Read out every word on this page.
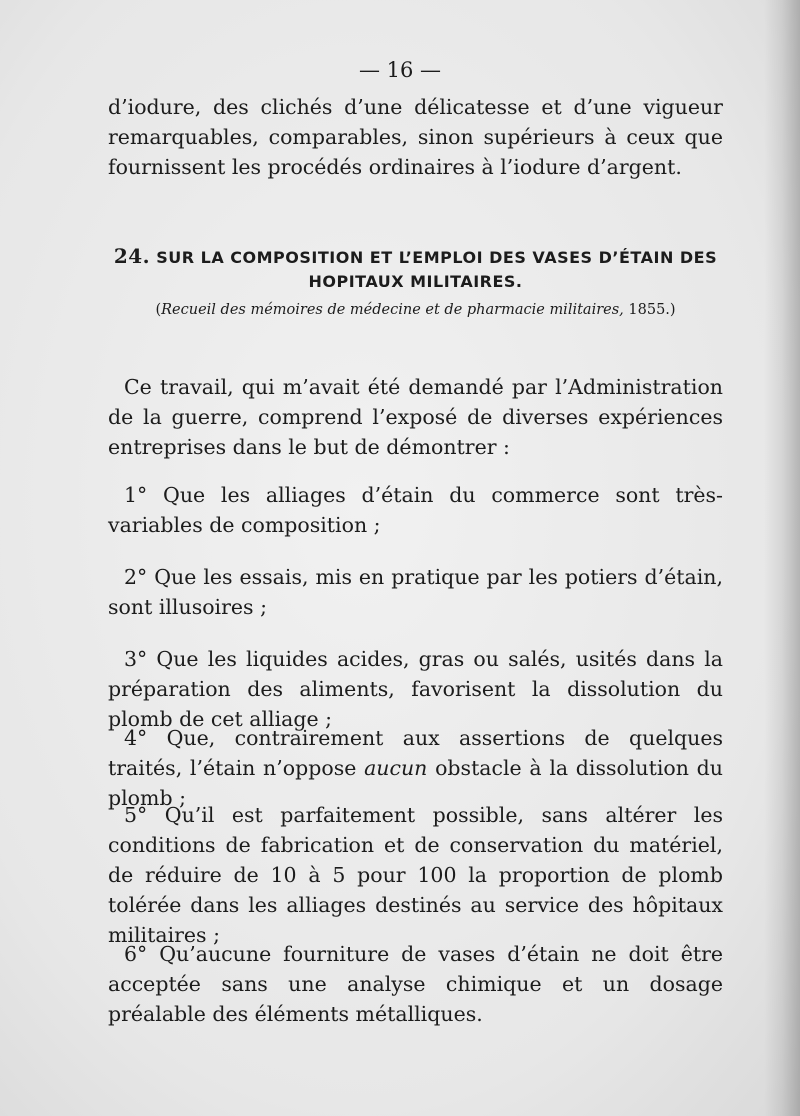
— 16 —

d’iodure, des clichés d’une délicatesse et d’une vigueur remarquables, comparables, sinon supérieurs à ceux que fournissent les procédés ordinaires à l’iodure d’argent.

24. SUR LA COMPOSITION ET L’EMPLOI DES VASES D’ÉTAIN DES HOPITAUX MILITAIRES.
(Recueil des mémoires de médecine et de pharmacie militaires, 1855.)

Ce travail, qui m’avait été demandé par l’Administration de la guerre, comprend l’exposé de diverses expériences entreprises dans le but de démontrer :

1° Que les alliages d’étain du commerce sont très-variables de composition ;

2° Que les essais, mis en pratique par les potiers d’étain, sont illusoires ;

3° Que les liquides acides, gras ou salés, usités dans la préparation des aliments, favorisent la dissolution du plomb de cet alliage ;

4° Que, contrairement aux assertions de quelques traités, l’étain n’oppose aucun obstacle à la dissolution du plomb ;

5° Qu’il est parfaitement possible, sans altérer les conditions de fabrication et de conservation du matériel, de réduire de 10 à 5 pour 100 la proportion de plomb tolérée dans les alliages destinés au service des hôpitaux militaires ;

6° Qu’aucune fourniture de vases d’étain ne doit être acceptée sans une analyse chimique et un dosage préalable des éléments métalliques.
